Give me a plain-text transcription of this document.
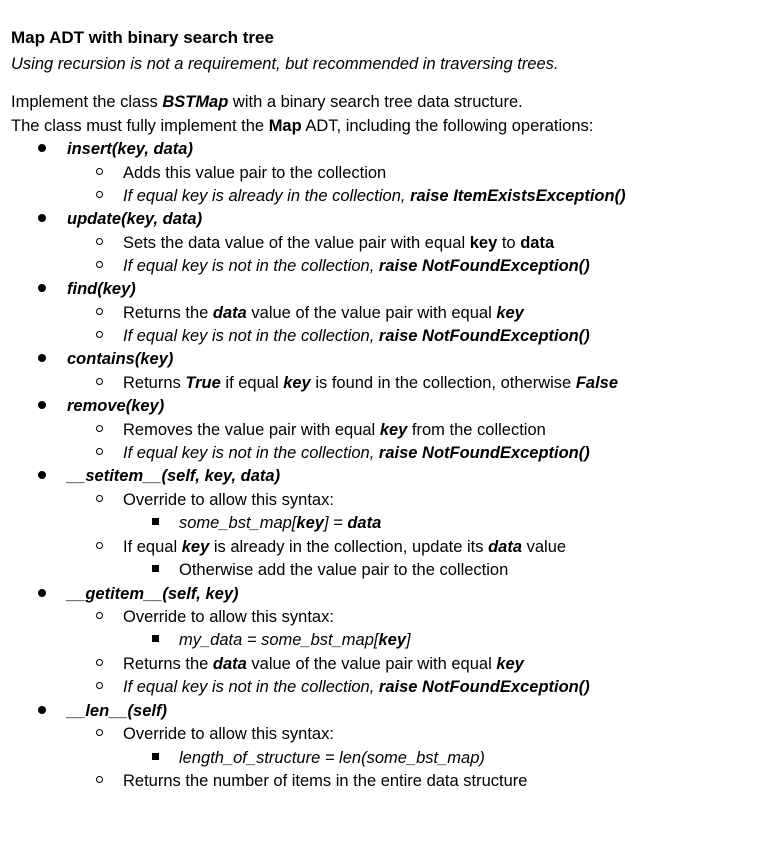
Map ADT with binary search tree
Using recursion is not a requirement, but recommended in traversing trees.
Implement the class BSTMap with a binary search tree data structure.
The class must fully implement the Map ADT, including the following operations:
insert(key, data)
Adds this value pair to the collection
If equal key is already in the collection, raise ItemExistsException()
update(key, data)
Sets the data value of the value pair with equal key to data
If equal key is not in the collection, raise NotFoundException()
find(key)
Returns the data value of the value pair with equal key
If equal key is not in the collection, raise NotFoundException()
contains(key)
Returns True if equal key is found in the collection, otherwise False
remove(key)
Removes the value pair with equal key from the collection
If equal key is not in the collection, raise NotFoundException()
__setitem__(self, key, data)
Override to allow this syntax:
some_bst_map[key] = data
If equal key is already in the collection, update its data value
Otherwise add the value pair to the collection
__getitem__(self, key)
Override to allow this syntax:
my_data = some_bst_map[key]
Returns the data value of the value pair with equal key
If equal key is not in the collection, raise NotFoundException()
__len__(self)
Override to allow this syntax:
length_of_structure = len(some_bst_map)
Returns the number of items in the entire data structure
